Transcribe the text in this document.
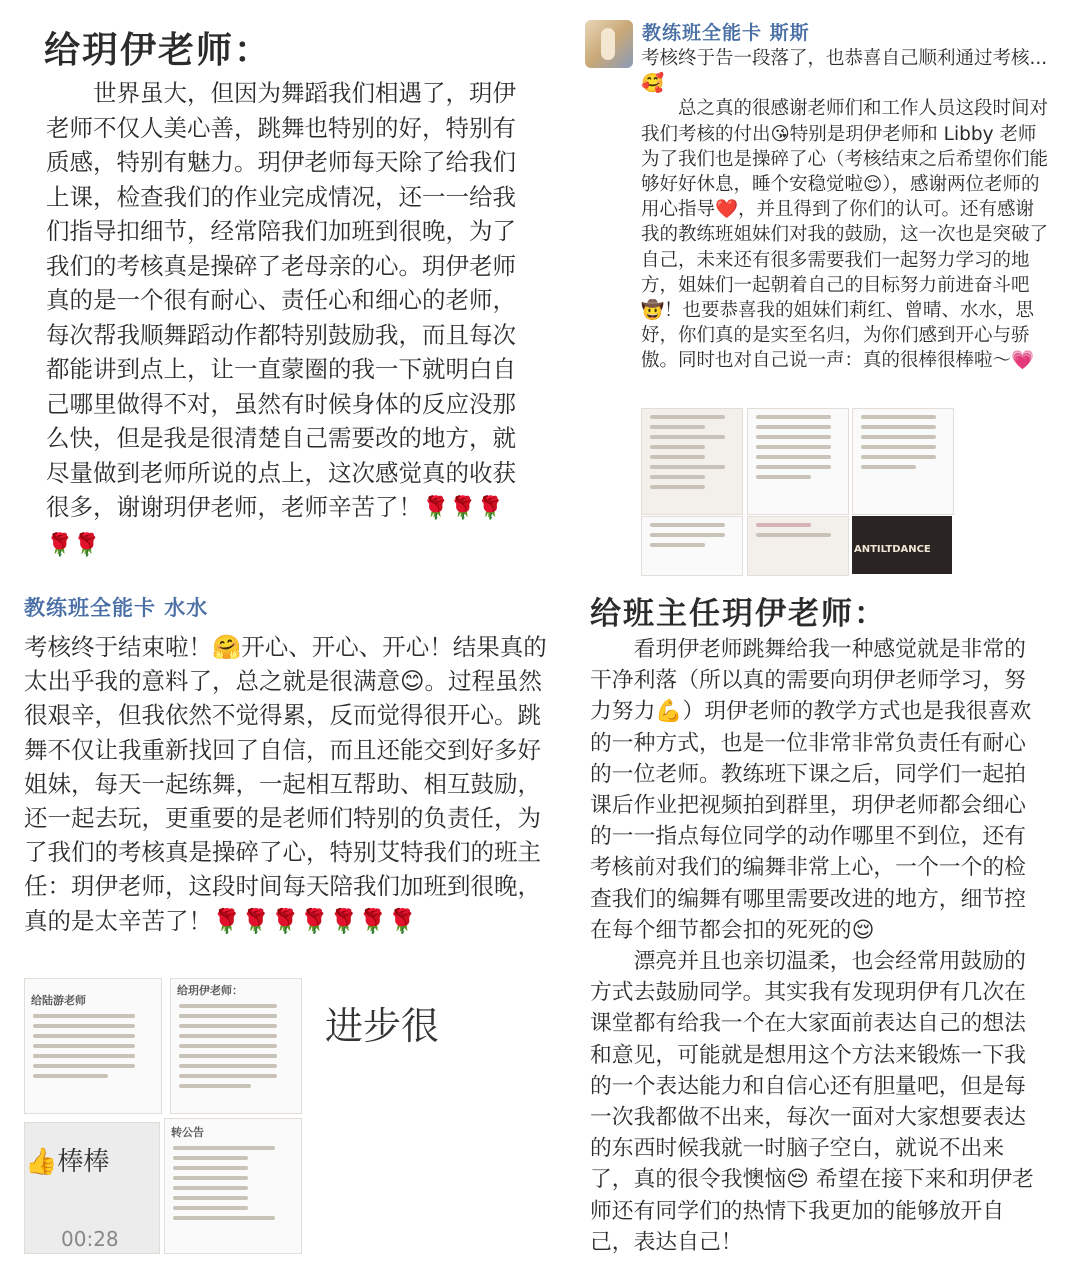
给玥伊老师：

世界虽大，但因为舞蹈我们相遇了，玥伊老师不仅人美心善，跳舞也特别的好，特别有质感，特别有魅力。玥伊老师每天除了给我们上课，检查我们的作业完成情况，还一一给我们指导扣细节，经常陪我们加班到很晚，为了我们的考核真是操碎了老母亲的心。玥伊老师真的是一个很有耐心、责任心和细心的老师，每次帮我顺舞蹈动作都特别鼓励我，而且每次都能讲到点上，让一直蒙圈的我一下就明白自己哪里做得不对，虽然有时候身体的反应没那么快，但是我是很清楚自己需要改的地方，就尽量做到老师所说的点上，这次感觉真的收获很多，谢谢玥伊老师，老师辛苦了！🌹🌹🌹🌹🌹

教练班全能卡 斯斯

考核终于告一段落了，也恭喜自己顺利通过考核...

🥰

总之真的很感谢老师们和工作人员这段时间对我们考核的付出😘特别是玥伊老师和 Libby 老师为了我们也是操碎了心（考核结束之后希望你们能够好好休息，睡个安稳觉啦😌），感谢两位老师的用心指导❤️，并且得到了你们的认可。还有感谢我的教练班姐妹们对我的鼓励，这一次也是突破了自己，未来还有很多需要我们一起努力学习的地方，姐妹们一起朝着自己的目标努力前进奋斗吧🤠！也要恭喜我的姐妹们莉红、曾晴、水水，思妤，你们真的是实至名归，为你们感到开心与骄傲。同时也对自己说一声：真的很棒很棒啦～💗

ANTILTDANCE
教练班全能卡 水水

考核终于结束啦！🤗开心、开心、开心！结果真的太出乎我的意料了，总之就是很满意😊。过程虽然很艰辛，但我依然不觉得累，反而觉得很开心。跳舞不仅让我重新找回了自信，而且还能交到好多好姐妹，每天一起练舞，一起相互帮助、相互鼓励，还一起去玩，更重要的是老师们特别的负责任，为了我们的考核真是操碎了心，特别艾特我们的班主任：玥伊老师，这段时间每天陪我们加班到很晚，真的是太辛苦了！🌹🌹🌹🌹🌹🌹🌹

给陆游老师
给玥伊老师：
进步很
👍棒棒
00:28
转公告
给班主任玥伊老师：

看玥伊老师跳舞给我一种感觉就是非常的干净利落（所以真的需要向玥伊老师学习，努力努力💪）玥伊老师的教学方式也是我很喜欢的一种方式，也是一位非常非常负责任有耐心的一位老师。教练班下课之后，同学们一起拍课后作业把视频拍到群里，玥伊老师都会细心的一一指点每位同学的动作哪里不到位，还有考核前对我们的编舞非常上心，一个一个的检查我们的编舞有哪里需要改进的地方，细节控在每个细节都会扣的死死的😌

漂亮并且也亲切温柔，也会经常用鼓励的方式去鼓励同学。其实我有发现玥伊有几次在课堂都有给我一个在大家面前表达自己的想法和意见，可能就是想用这个方法来锻炼一下我的一个表达能力和自信心还有胆量吧，但是每一次我都做不出来，每次一面对大家想要表达的东西时候我就一时脑子空白，就说不出来了，真的很令我懊恼😔 希望在接下来和玥伊老师还有同学们的热情下我更加的能够放开自己，表达自己！
